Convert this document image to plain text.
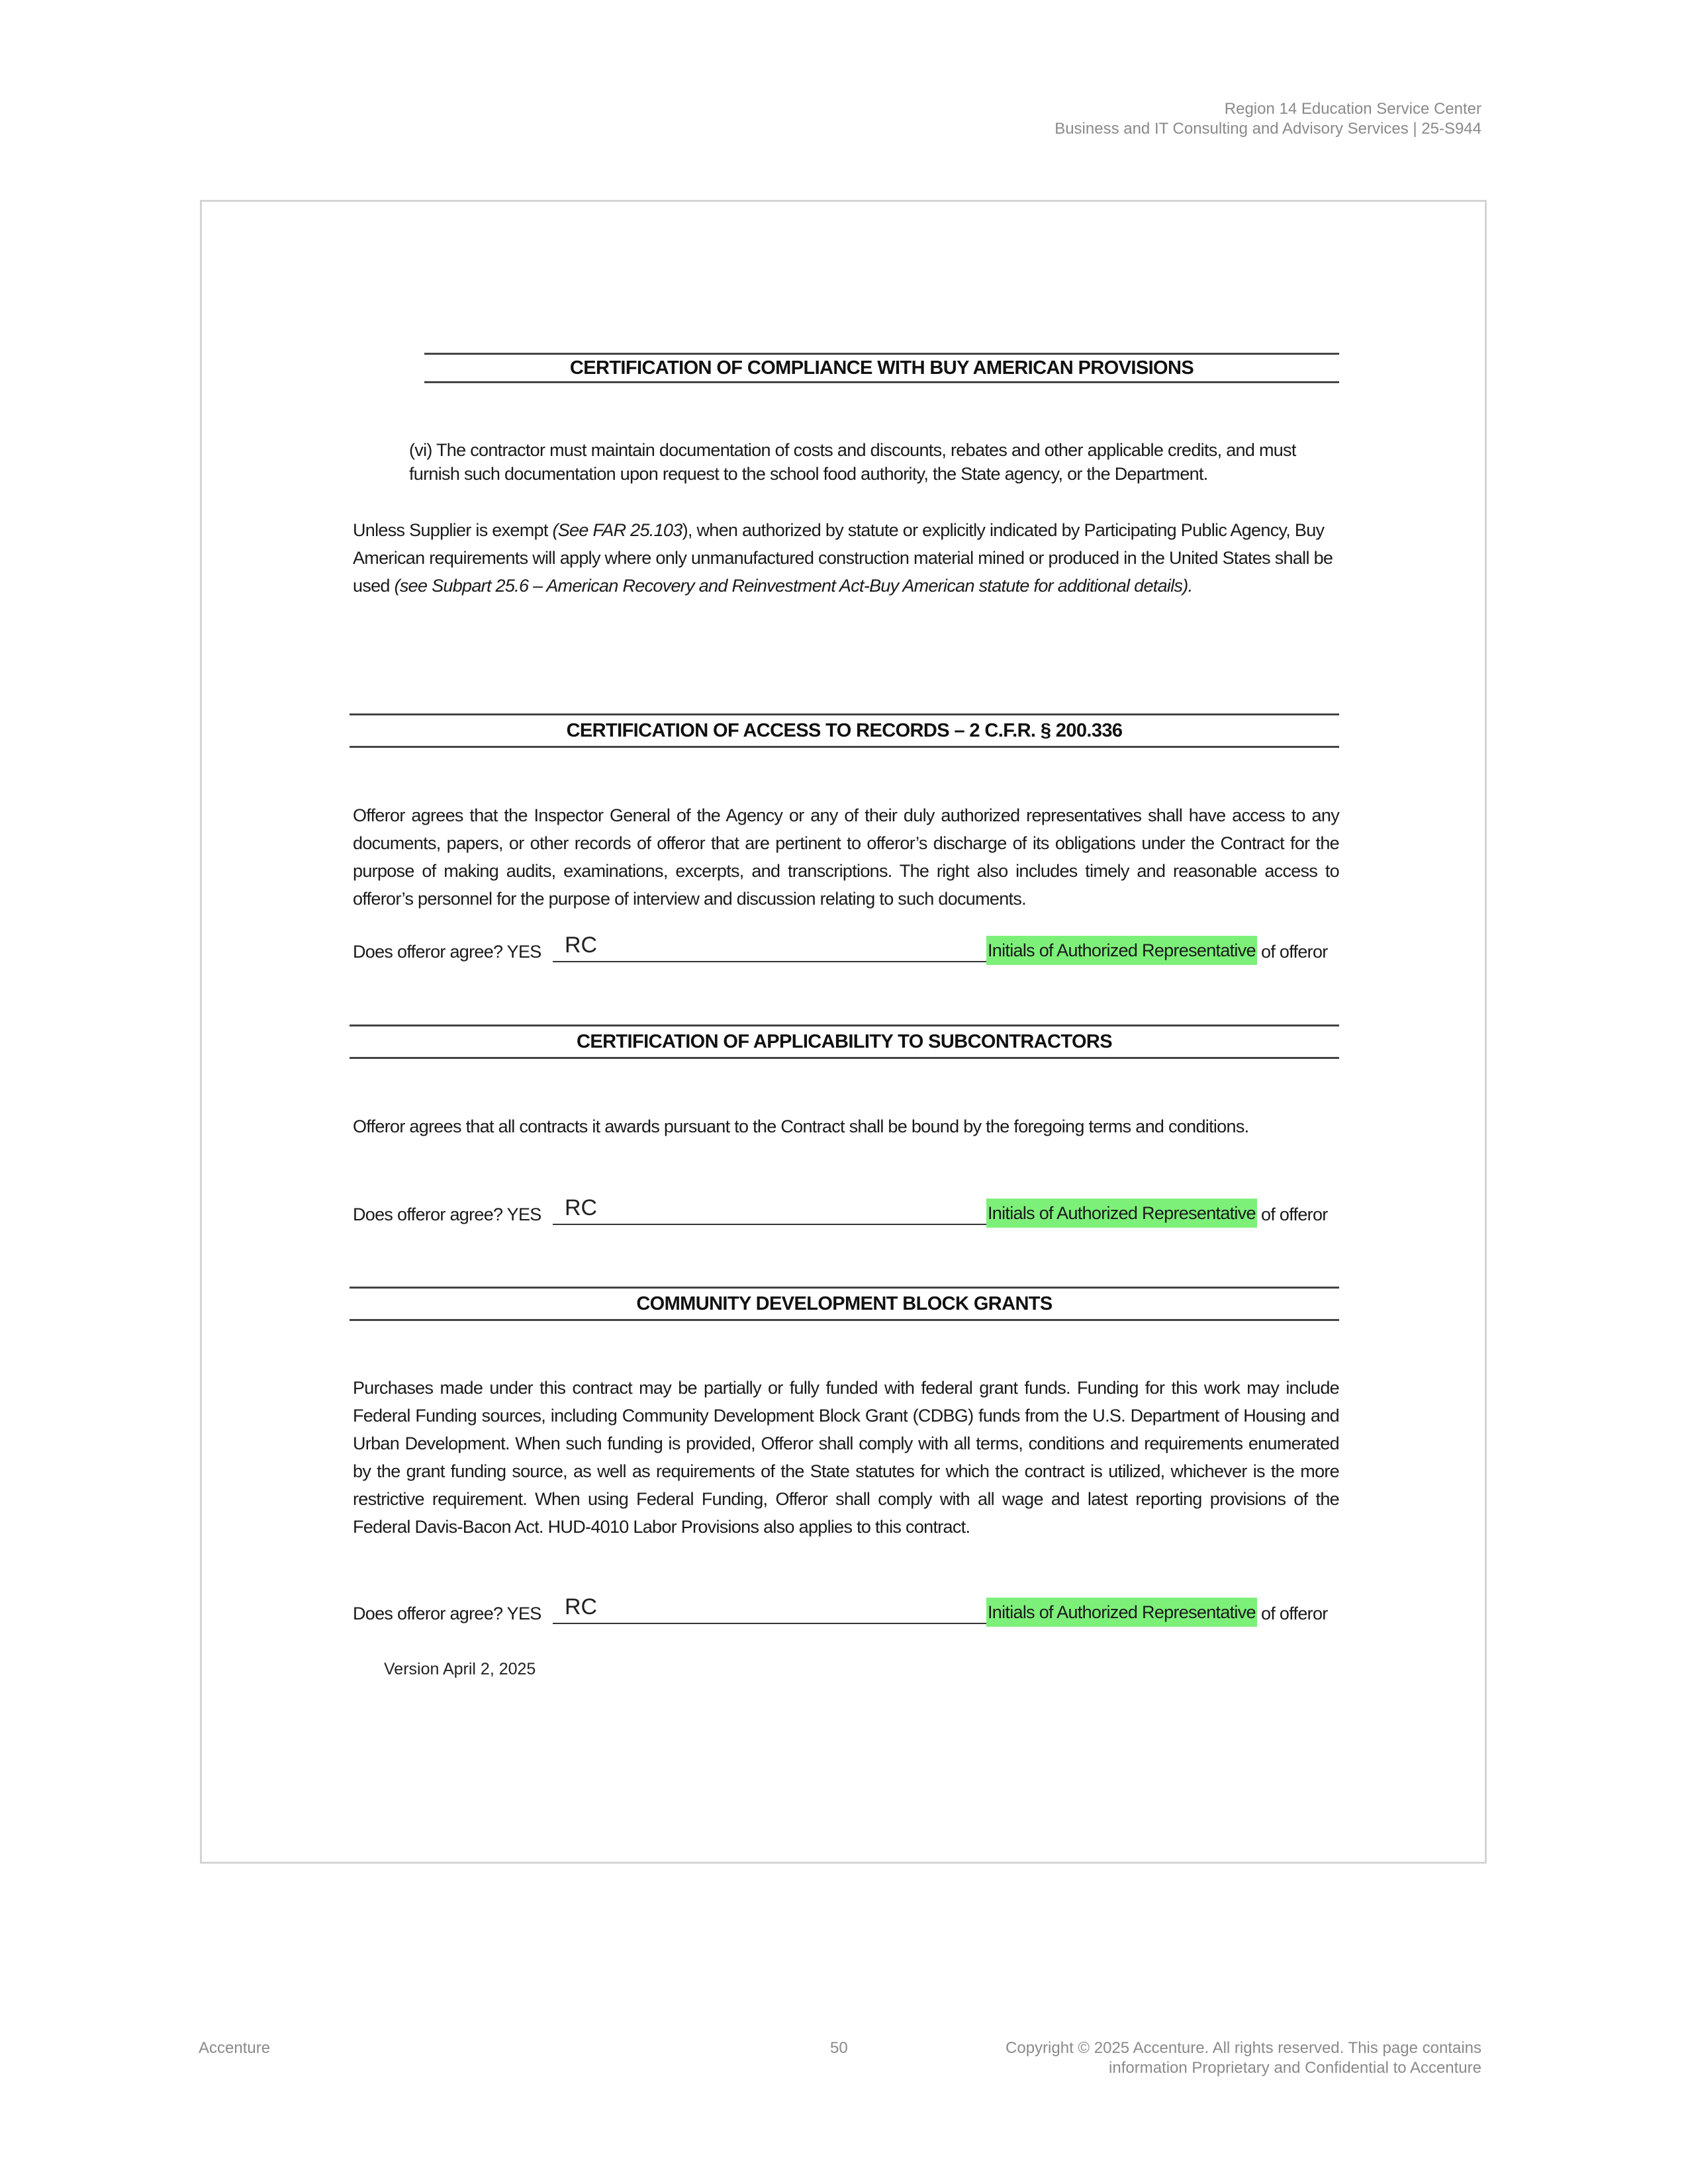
Region 14 Education Service Center
Business and IT Consulting and Advisory Services | 25-S944
CERTIFICATION OF COMPLIANCE WITH BUY AMERICAN PROVISIONS
(vi) The contractor must maintain documentation of costs and discounts, rebates and other applicable credits, and must furnish such documentation upon request to the school food authority, the State agency, or the Department.
Unless Supplier is exempt (See FAR 25.103), when authorized by statute or explicitly indicated by Participating Public Agency, Buy American requirements will apply where only unmanufactured construction material mined or produced in the United States shall be used (see Subpart 25.6 – American Recovery and Reinvestment Act-Buy American statute for additional details).
CERTIFICATION OF ACCESS TO RECORDS – 2 C.F.R. § 200.336
Offeror agrees that the Inspector General of the Agency or any of their duly authorized representatives shall have access to any documents, papers, or other records of offeror that are pertinent to offeror’s discharge of its obligations under the Contract for the purpose of making audits, examinations, excerpts, and transcriptions. The right also includes timely and reasonable access to offeror’s personnel for the purpose of interview and discussion relating to such documents.
Does offeror agree? YES RC	Initials of Authorized Representative of offeror
CERTIFICATION OF APPLICABILITY TO SUBCONTRACTORS
Offeror agrees that all contracts it awards pursuant to the Contract shall be bound by the foregoing terms and conditions.
Does offeror agree? YES RC	Initials of Authorized Representative of offeror
COMMUNITY DEVELOPMENT BLOCK GRANTS
Purchases made under this contract may be partially or fully funded with federal grant funds. Funding for this work may include Federal Funding sources, including Community Development Block Grant (CDBG) funds from the U.S. Department of Housing and Urban Development. When such funding is provided, Offeror shall comply with all terms, conditions and requirements enumerated by the grant funding source, as well as requirements of the State statutes for which the contract is utilized, whichever is the more restrictive requirement. When using Federal Funding, Offeror shall comply with all wage and latest reporting provisions of the Federal Davis-Bacon Act. HUD-4010 Labor Provisions also applies to this contract.
Does offeror agree? YES RC	Initials of Authorized Representative of offeror
Version April 2, 2025
Accenture	50	Copyright © 2025 Accenture. All rights reserved. This page contains
information Proprietary and Confidential to Accenture
